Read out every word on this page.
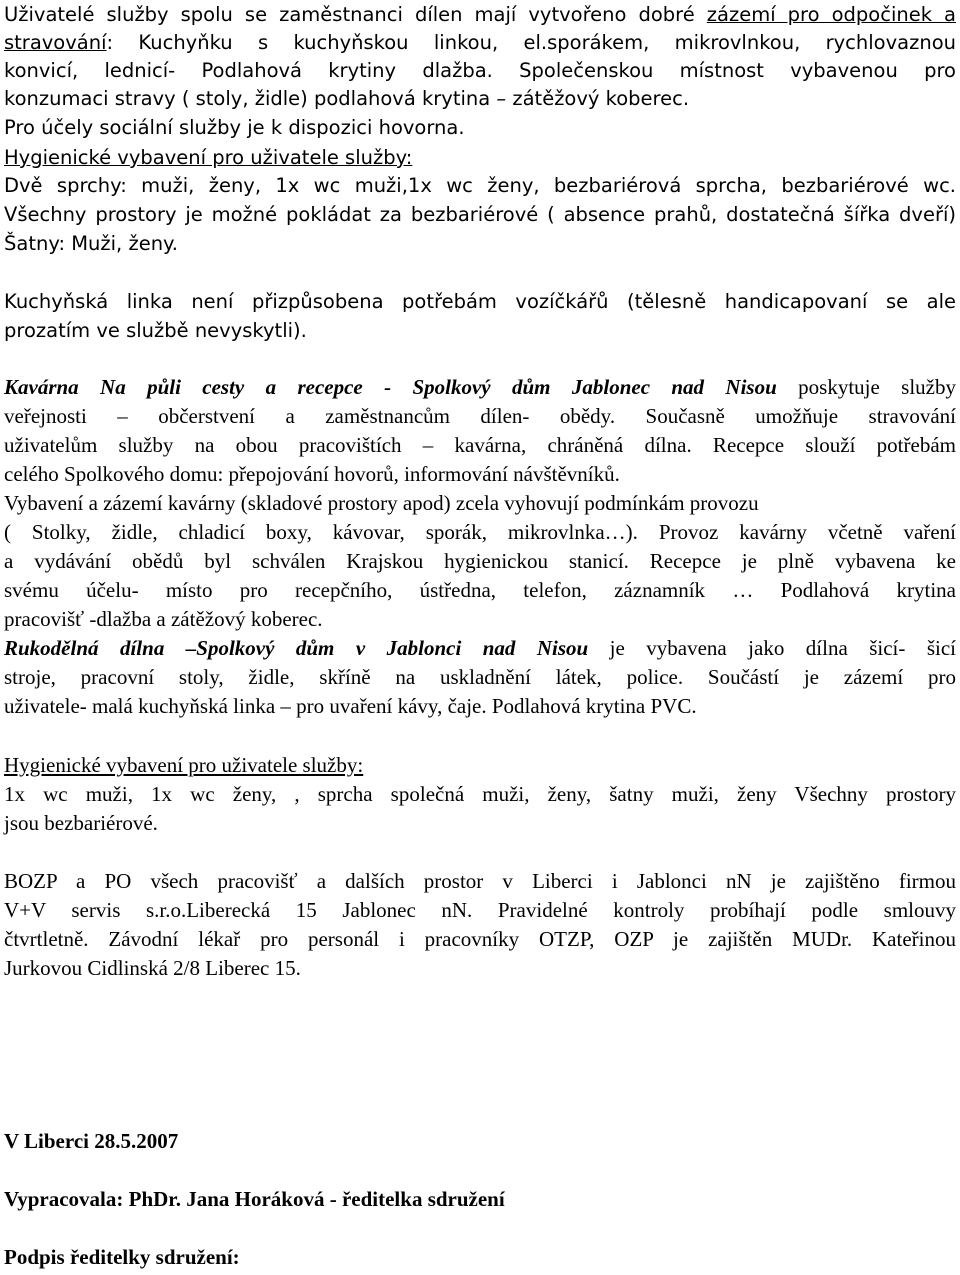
Uživatelé služby spolu se zaměstnanci dílen mají vytvořeno dobré zázemí pro odpočinek a
stravování: Kuchyňku s kuchyňskou linkou, el.sporákem, mikrovlnkou, rychlovaznou
konvicí, lednicí- Podlahová krytiny dlažba. Společenskou místnost vybavenou pro
konzumaci stravy ( stoly, židle) podlahová krytina – zátěžový koberec.
Pro účely sociální služby je k dispozici hovorna.
Hygienické vybavení pro uživatele služby:
Dvě sprchy: muži, ženy, 1x wc muži,1x wc ženy, bezbariérová sprcha, bezbariérové wc.
Všechny prostory je možné pokládat za bezbariérové ( absence prahů, dostatečná šířka dveří)
Šatny: Muži, ženy.
Kuchyňská linka není přizpůsobena potřebám vozíčkářů (tělesně handicapovaní se ale
prozatím ve službě nevyskytli).
Kavárna Na půli cesty a recepce - Spolkový dům Jablonec nad Nisou poskytuje služby
veřejnosti – občerstvení a zaměstnancům dílen- obědy. Současně umožňuje stravování
uživatelům služby na obou pracovištích – kavárna, chráněná dílna. Recepce slouží potřebám
celého Spolkového domu: přepojování hovorů, informování návštěvníků.
Vybavení a zázemí kavárny (skladové prostory apod) zcela vyhovují podmínkám provozu
( Stolky, židle, chladicí boxy, kávovar, sporák, mikrovlnka…). Provoz kavárny včetně vaření
a vydávání obědů byl schválen Krajskou hygienickou stanicí. Recepce je plně vybavena ke
svému účelu- místo pro recepčního, ústředna, telefon, záznamník … Podlahová krytina
pracovišť -dlažba a zátěžový koberec.
Rukodělná dílna –Spolkový dům v Jablonci nad Nisou je vybavena jako dílna šicí- šicí
stroje, pracovní stoly, židle, skříně na uskladnění látek, police. Součástí je zázemí pro
uživatele- malá kuchyňská linka – pro uvaření kávy, čaje. Podlahová krytina PVC.
Hygienické vybavení pro uživatele služby:
1x wc muži, 1x wc ženy, , sprcha společná muži, ženy, šatny muži, ženy Všechny prostory
jsou bezbariérové.
BOZP a PO všech pracovišť a dalších prostor v Liberci i Jablonci nN je zajištěno firmou
V+V servis s.r.o.Liberecká 15 Jablonec nN. Pravidelné kontroly probíhají podle smlouvy
čtvrtletně. Závodní lékař pro personál i pracovníky OTZP, OZP je zajištěn MUDr. Kateřinou
Jurkovou Cidlinská 2/8 Liberec 15.
V Liberci 28.5.2007
Vypracovala: PhDr. Jana Horáková - ředitelka sdružení
Podpis ředitelky sdružení:
